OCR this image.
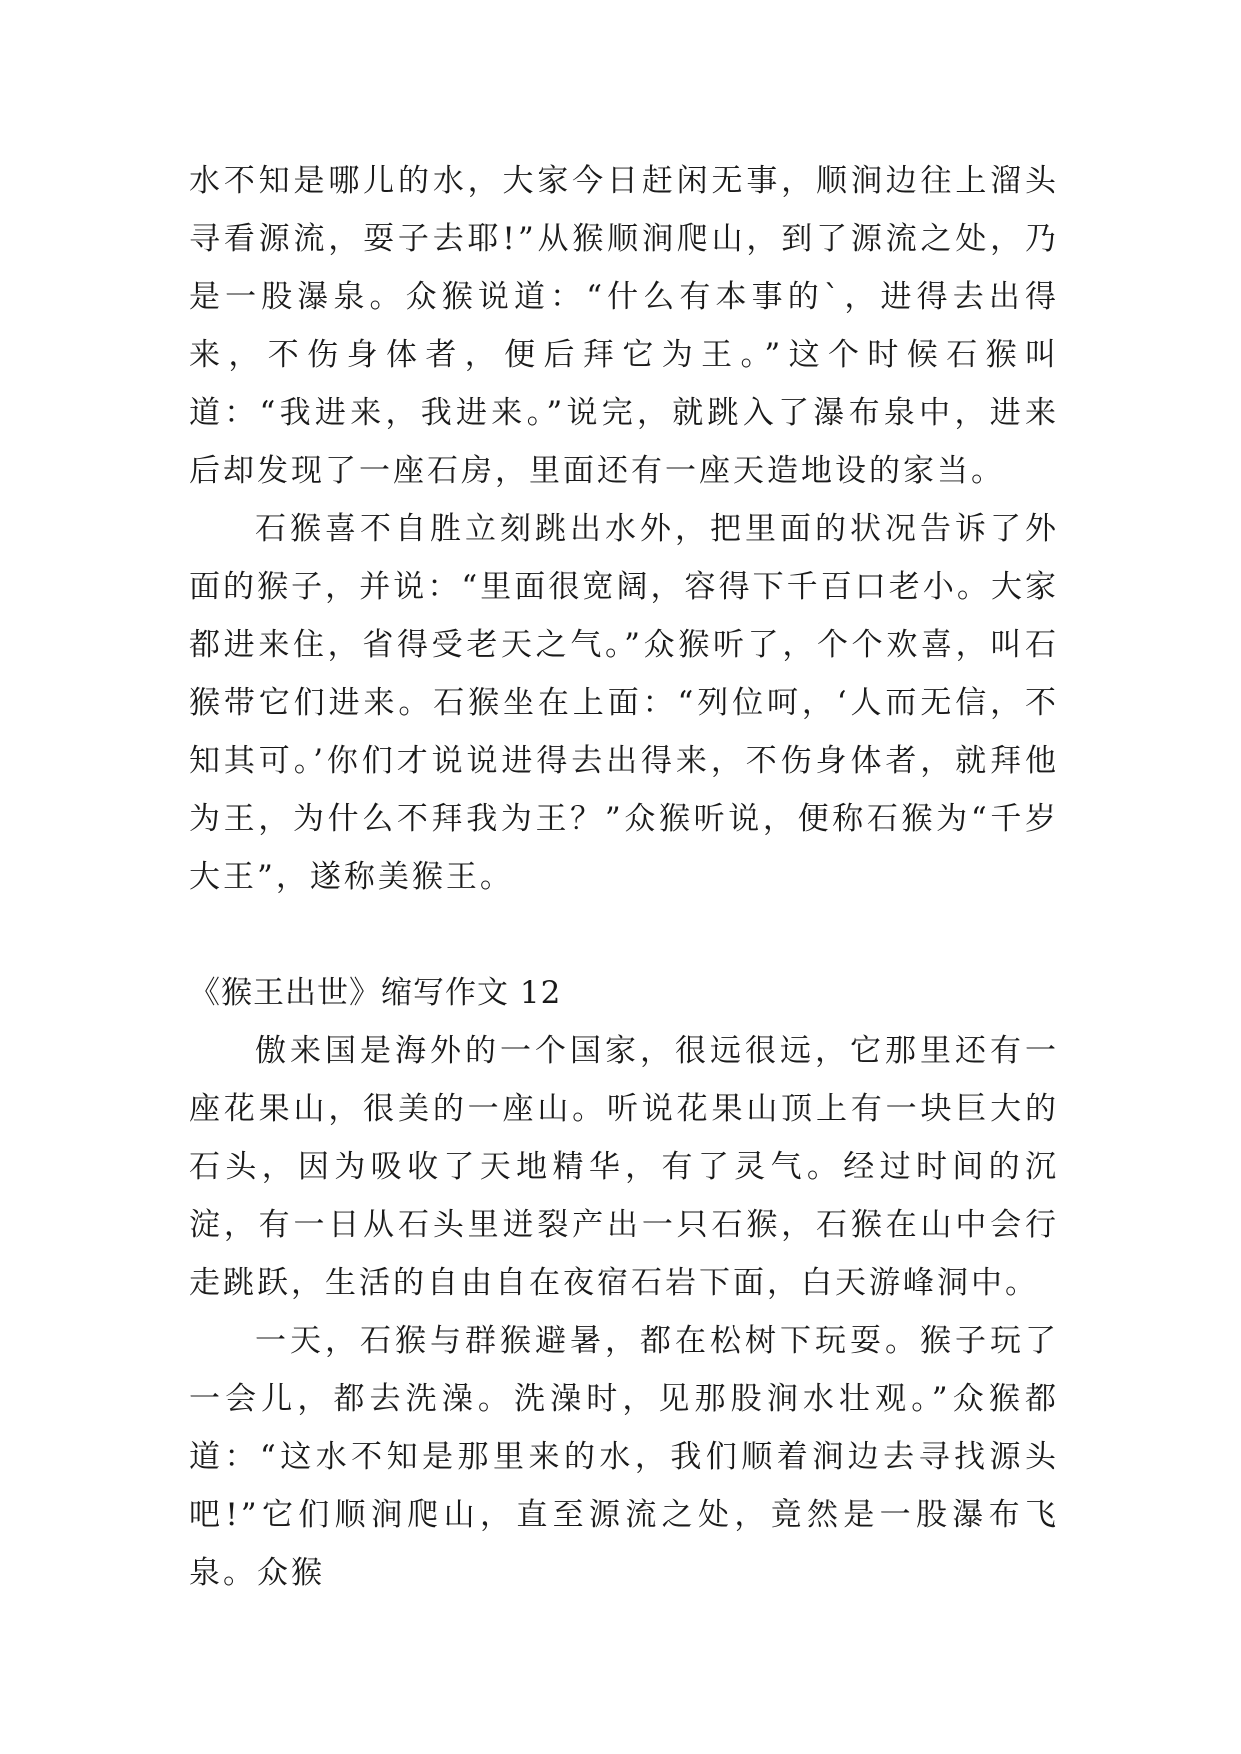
水不知是哪儿的水，大家今日赶闲无事，顺涧边往上溜头寻看源流，耍子去耶!”从猴顺涧爬山，到了源流之处，乃是一股瀑泉。众猴说道：“什么有本事的`，进得去出得来，不伤身体者，便后拜它为王。”这个时候石猴叫道：“我进来，我进来。”说完，就跳入了瀑布泉中，进来后却发现了一座石房，里面还有一座天造地设的家当。

石猴喜不自胜立刻跳出水外，把里面的状况告诉了外面的猴子，并说：“里面很宽阔，容得下千百口老小。大家都进来住，省得受老天之气。”众猴听了，个个欢喜，叫石猴带它们进来。石猴坐在上面：“列位呵，‘人而无信，不知其可。’你们才说说进得去出得来，不伤身体者，就拜他为王，为什么不拜我为王？”众猴听说，便称石猴为“千岁大王”，遂称美猴王。

《猴王出世》缩写作文 12

傲来国是海外的一个国家，很远很远，它那里还有一座花果山，很美的一座山。听说花果山顶上有一块巨大的石头，因为吸收了天地精华，有了灵气。经过时间的沉淀，有一日从石头里迸裂产出一只石猴，石猴在山中会行走跳跃，生活的自由自在夜宿石岩下面，白天游峰洞中。

一天，石猴与群猴避暑，都在松树下玩耍。猴子玩了一会儿，都去洗澡。洗澡时，见那股涧水壮观。”众猴都道：“这水不知是那里来的水，我们顺着涧边去寻找源头吧!”它们顺涧爬山，直至源流之处，竟然是一股瀑布飞泉。众猴
